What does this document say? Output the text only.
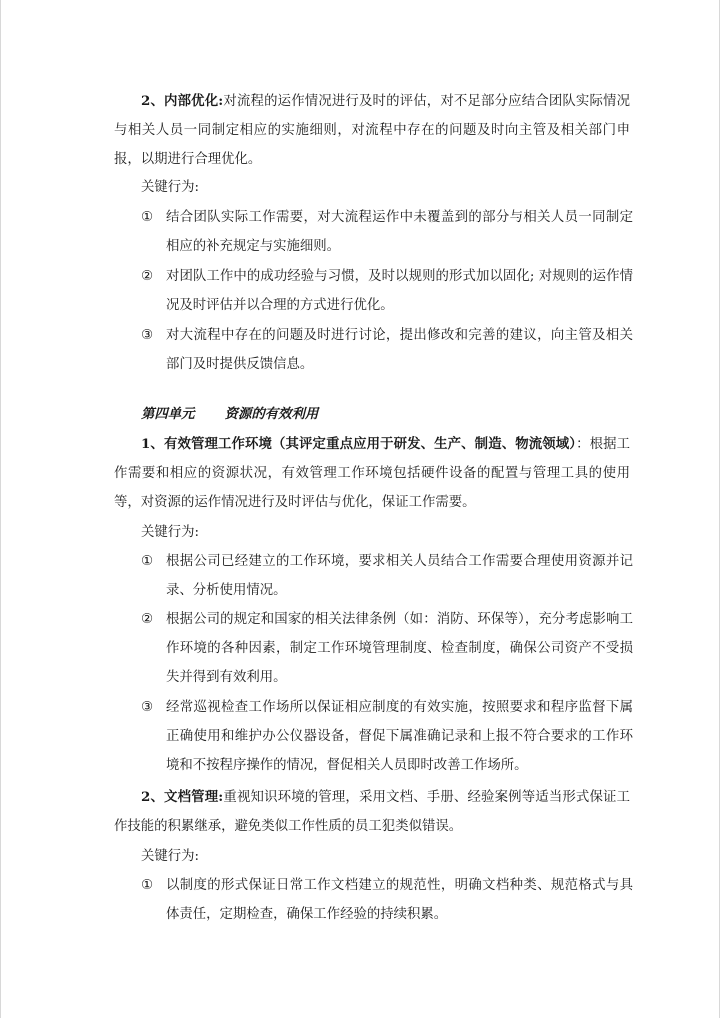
2、内部优化:对流程的运作情况进行及时的评估，对不足部分应结合团队实际情况与相关人员一同制定相应的实施细则，对流程中存在的问题及时向主管及相关部门申报，以期进行合理优化。

关键行为:

① 结合团队实际工作需要，对大流程运作中未覆盖到的部分与相关人员一同制定相应的补充规定与实施细则。
② 对团队工作中的成功经验与习惯，及时以规则的形式加以固化; 对规则的运作情况及时评估并以合理的方式进行优化。
③ 对大流程中存在的问题及时进行讨论，提出修改和完善的建议，向主管及相关部门及时提供反馈信息。

第四单元 资源的有效利用

1、有效管理工作环境（其评定重点应用于研发、生产、制造、物流领域）：根据工作需要和相应的资源状况，有效管理工作环境包括硬件设备的配置与管理工具的使用等，对资源的运作情况进行及时评估与优化，保证工作需要。

关键行为:

① 根据公司已经建立的工作环境，要求相关人员结合工作需要合理使用资源并记录、分析使用情况。
② 根据公司的规定和国家的相关法律条例（如：消防、环保等），充分考虑影响工作环境的各种因素，制定工作环境管理制度、检查制度，确保公司资产不受损失并得到有效利用。
③ 经常巡视检查工作场所以保证相应制度的有效实施，按照要求和程序监督下属正确使用和维护办公仪器设备，督促下属准确记录和上报不符合要求的工作环境和不按程序操作的情况，督促相关人员即时改善工作场所。

2、文档管理:重视知识环境的管理，采用文档、手册、经验案例等适当形式保证工作技能的积累继承，避免类似工作性质的员工犯类似错误。

关键行为:

① 以制度的形式保证日常工作文档建立的规范性，明确文档种类、规范格式与具体责任，定期检查，确保工作经验的持续积累。
